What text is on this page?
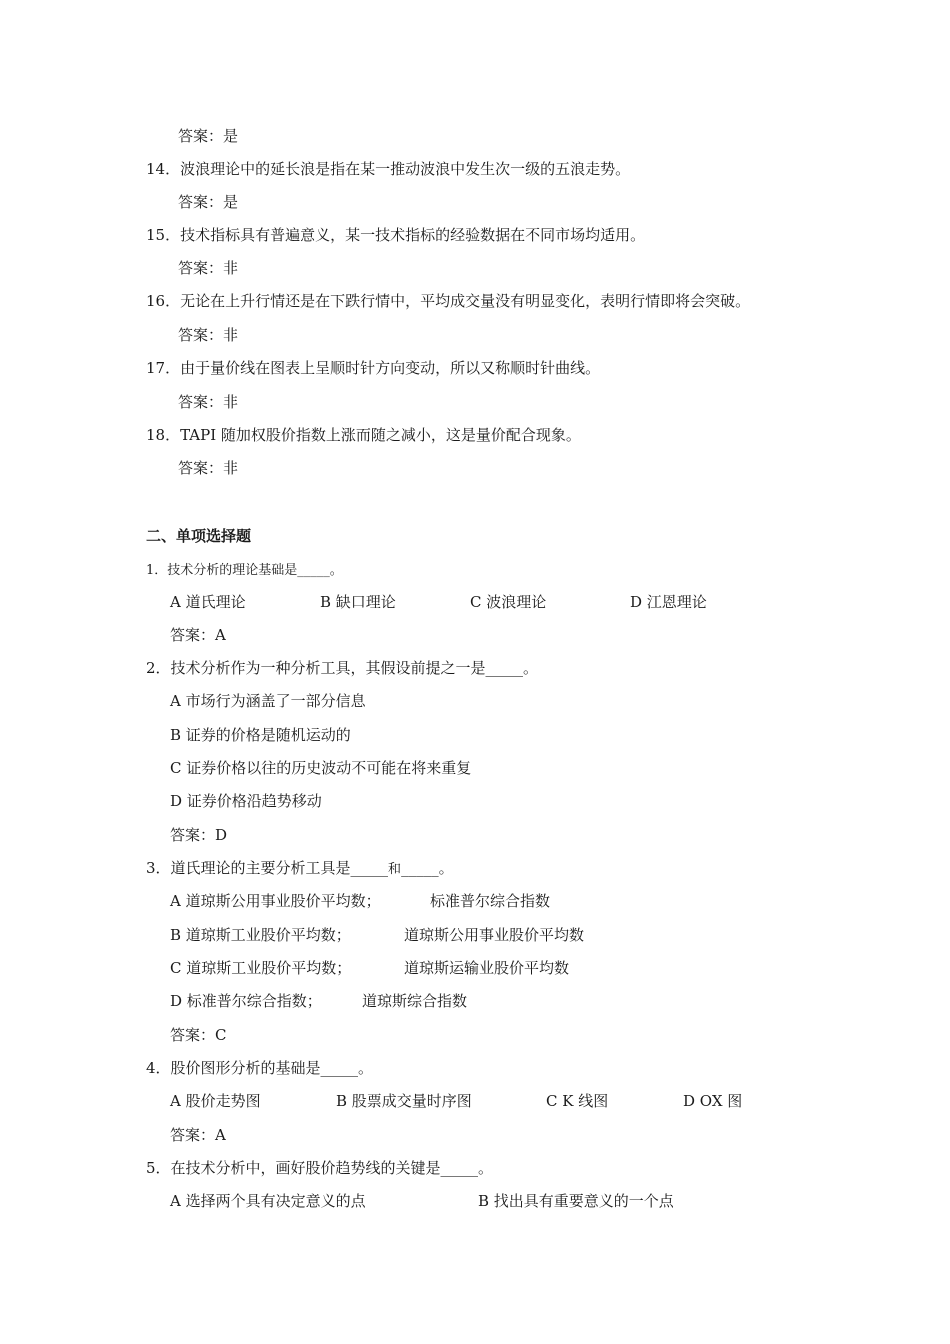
答案：是
14．波浪理论中的延长浪是指在某一推动波浪中发生次一级的五浪走势。
答案：是
15．技术指标具有普遍意义，某一技术指标的经验数据在不同市场均适用。
答案：非
16．无论在上升行情还是在下跌行情中，平均成交量没有明显变化，表明行情即将会突破。
答案：非
17．由于量价线在图表上呈顺时针方向变动，所以又称顺时针曲线。
答案：非
18．TAPI 随加权股价指数上涨而随之减小，这是量价配合现象。
答案：非
二、单项选择题
1．技术分析的理论基础是_____。
A 道氏理论	B 缺口理论	C 波浪理论	D 江恩理论
答案：A
2．技术分析作为一种分析工具，其假设前提之一是_____。
A 市场行为涵盖了一部分信息
B 证券的价格是随机运动的
C 证券价格以往的历史波动不可能在将来重复
D 证券价格沿趋势移动
答案：D
3．道氏理论的主要分析工具是_____和_____。
A 道琼斯公用事业股价平均数；	标准普尔综合指数
B 道琼斯工业股价平均数；	道琼斯公用事业股价平均数
C 道琼斯工业股价平均数；	道琼斯运输业股价平均数
D 标准普尔综合指数；	道琼斯综合指数
答案：C
4．股价图形分析的基础是_____。
A 股价走势图	B 股票成交量时序图	C K 线图	D OX 图
答案：A
5．在技术分析中，画好股价趋势线的关键是_____。
A 选择两个具有决定意义的点	B 找出具有重要意义的一个点
